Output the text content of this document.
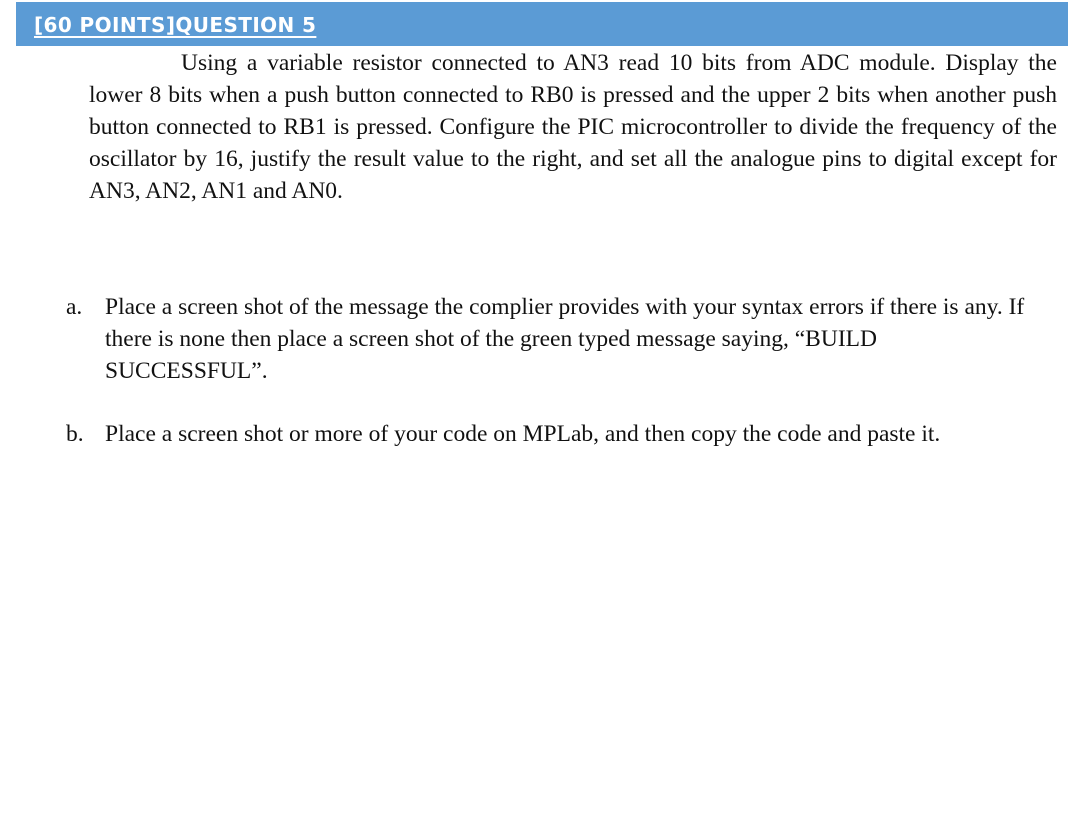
[60 POINTS]QUESTION 5

Using a variable resistor connected to AN3 read 10 bits from ADC module. Display the lower 8 bits when a push button connected to RB0 is pressed and the upper 2 bits when another push button connected to RB1 is pressed. Configure the PIC microcontroller to divide the frequency of the oscillator by 16, justify the result value to the right, and set all the analogue pins to digital except for AN3, AN2, AN1 and AN0.

a. Place a screen shot of the message the complier provides with your syntax errors if there is any. If
there is none then place a screen shot of the green typed message saying, “BUILD
SUCCESSFUL”.

b. Place a screen shot or more of your code on MPLab, and then copy the code and paste it.
